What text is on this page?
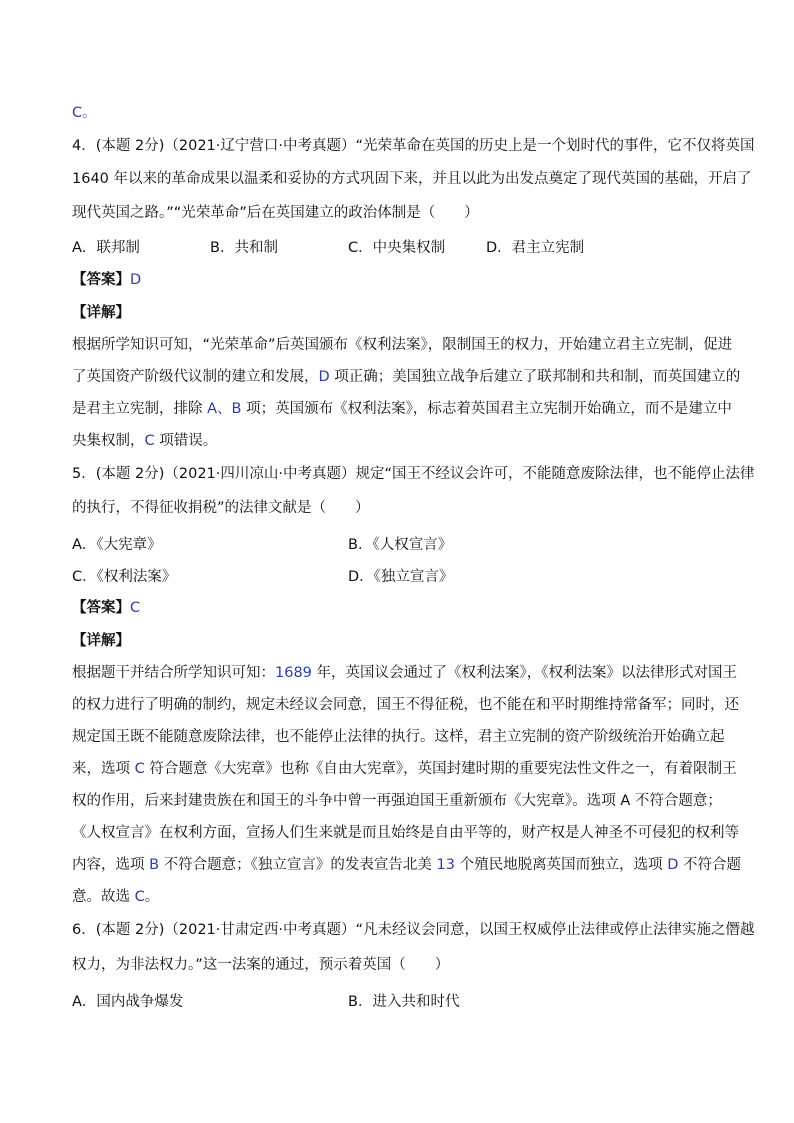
C。
4．(本题 2分)（2021·辽宁营口·中考真题）“光荣革命在英国的历史上是一个划时代的事件，它不仅将英国
1640 年以来的革命成果以温柔和妥协的方式巩固下来，并且以此为出发点奠定了现代英国的基础，开启了
现代英国之路。”“光荣革命”后在英国建立的政治体制是（　　）
A．联邦制	B．共和制	C．中央集权制	D．君主立宪制
【答案】D
【详解】
根据所学知识可知，“光荣革命”后英国颁布《权利法案》，限制国王的权力，开始建立君主立宪制，促进
了英国资产阶级代议制的建立和发展，D 项正确；美国独立战争后建立了联邦制和共和制，而英国建立的
是君主立宪制，排除 A、B 项；英国颁布《权利法案》，标志着英国君主立宪制开始确立，而不是建立中
央集权制，C 项错误。
5．(本题 2分)（2021·四川凉山·中考真题）规定“国王不经议会许可，不能随意废除法律，也不能停止法律
的执行，不得征收捐税”的法律文献是（　　）
A．《大宪章》	B．《人权宣言》
C．《权利法案》	D．《独立宣言》
【答案】C
【详解】
根据题干并结合所学知识可知：1689 年，英国议会通过了《权利法案》，《权利法案》以法律形式对国王
的权力进行了明确的制约，规定未经议会同意，国王不得征税，也不能在和平时期维持常备军；同时，还
规定国王既不能随意废除法律，也不能停止法律的执行。这样，君主立宪制的资产阶级统治开始确立起
来，选项 C 符合题意《大宪章》也称《自由大宪章》，英国封建时期的重要宪法性文件之一，有着限制王
权的作用，后来封建贵族在和国王的斗争中曾一再强迫国王重新颁布《大宪章》。选项 A 不符合题意；
《人权宣言》在权利方面，宣扬人们生来就是而且始终是自由平等的，财产权是人神圣不可侵犯的权利等
内容，选项 B 不符合题意；《独立宣言》的发表宣告北美 13 个殖民地脱离英国而独立，选项 D 不符合题
意。故选 C。
6．(本题 2分)（2021·甘肃定西·中考真题）“凡未经议会同意，以国王权威停止法律或停止法律实施之僭越
权力，为非法权力。”这一法案的通过，预示着英国（　　）
A．国内战争爆发	B．进入共和时代
